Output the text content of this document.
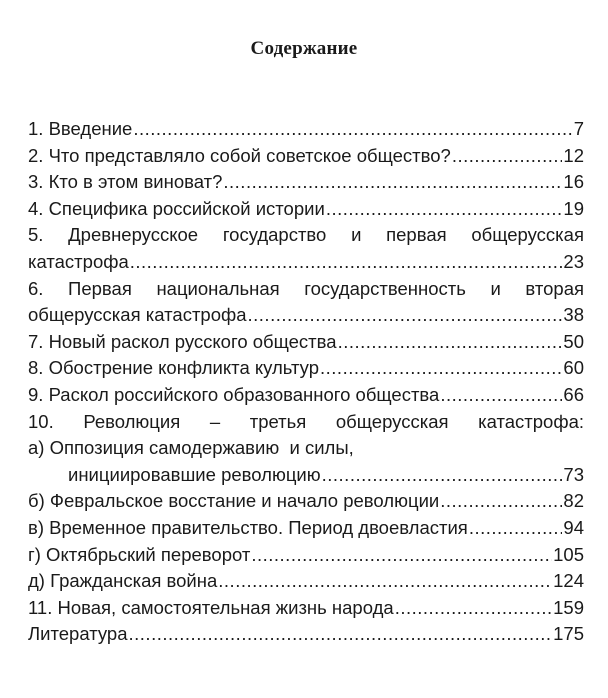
Содержание
1. Введение .....	7
2. Что представляло собой советское общество? .....	12
3. Кто в этом виноват? .....	16
4. Специфика российской истории .....	19
5. Древнерусское государство и первая общерусская
катастрофа .....	23
6. Первая национальная государственность и вторая
общерусская катастрофа .....	38
7. Новый раскол русского общества .....	50
8. Обострение конфликта культур .....	60
9. Раскол российского образованного общества .....	66
10. Революция – третья общерусская катастрофа:
а) Оппозиция самодержавию  и силы,
инициировавшие революцию .....	73
б) Февральское восстание и начало революции .....	82
в) Временное правительство. Период двоевластия .....	94
г) Октябрьский переворот .....	105
д) Гражданская война .....	124
11. Новая, самостоятельная жизнь народа .....	159
Литература .....	175
